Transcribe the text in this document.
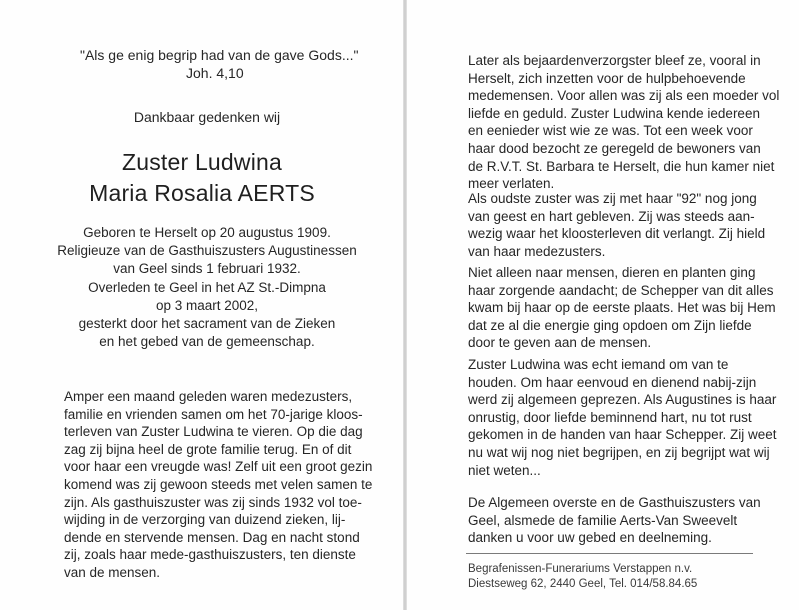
"Als ge enig begrip had van de gave Gods..."
Joh. 4,10
Dankbaar gedenken wij
Zuster Ludwina
Maria Rosalia AERTS
Geboren te Herselt op 20 augustus 1909.
Religieuze van de Gasthuiszusters Augustinessen
van Geel sinds 1 februari 1932.
Overleden te Geel in het AZ St.-Dimpna
op 3 maart 2002,
gesterkt door het sacrament van de Zieken
en het gebed van de gemeenschap.
Amper een maand geleden waren medezusters,
familie en vrienden samen om het 70-jarige kloos-
terleven van Zuster Ludwina te vieren. Op die dag
zag zij bijna heel de grote familie terug. En of dit
voor haar een vreugde was! Zelf uit een groot gezin
komend was zij gewoon steeds met velen samen te
zijn. Als gasthuiszuster was zij sinds 1932 vol toe-
wijding in de verzorging van duizend zieken, lij-
dende en stervende mensen. Dag en nacht stond
zij, zoals haar mede-gasthuiszusters, ten dienste
van de mensen.
Later als bejaardenverzorgster bleef ze, vooral in
Herselt, zich inzetten voor de hulpbehoevende
medemensen. Voor allen was zij als een moeder vol
liefde en geduld. Zuster Ludwina kende iedereen
en eenieder wist wie ze was. Tot een week voor
haar dood bezocht ze geregeld de bewoners van
de R.V.T. St. Barbara te Herselt, die hun kamer niet
meer verlaten.
Als oudste zuster was zij met haar "92" nog jong
van geest en hart gebleven. Zij was steeds aan-
wezig waar het kloosterleven dit verlangt. Zij hield
van haar medezusters.
Niet alleen naar mensen, dieren en planten ging
haar zorgende aandacht; de Schepper van dit alles
kwam bij haar op de eerste plaats. Het was bij Hem
dat ze al die energie ging opdoen om Zijn liefde
door te geven aan de mensen.
Zuster Ludwina was echt iemand om van te
houden. Om haar eenvoud en dienend nabij-zijn
werd zij algemeen geprezen. Als Augustines is haar
onrustig, door liefde beminnend hart, nu tot rust
gekomen in de handen van haar Schepper. Zij weet
nu wat wij nog niet begrijpen, en zij begrijpt wat wij
niet weten...
De Algemeen overste en de Gasthuiszusters van
Geel, alsmede de familie Aerts-Van Sweevelt
danken u voor uw gebed en deelneming.
Begrafenissen-Funerariums Verstappen n.v.
Diestseweg 62, 2440 Geel, Tel. 014/58.84.65
